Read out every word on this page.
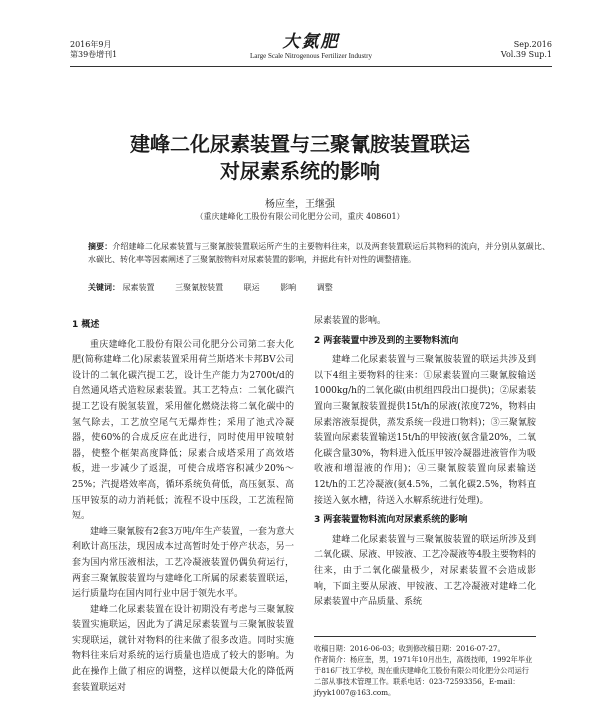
2016年9月
第39卷增刊1
大氮肥
Large Scale Nitrogenous Fertilizer Industry
Sep.2016
Vol.39 Sup.1
建峰二化尿素装置与三聚氰胺装置联运
对尿素系统的影响
杨应奎，王继强
（重庆建峰化工股份有限公司化肥分公司，重庆 408601）
摘要：介绍建峰二化尿素装置与三聚氰胺装置联运所产生的主要物料往来，以及两套装置联运后其物料的流向，并分别从氨碳比、水碳比、转化率等因素阐述了三聚氰胺物料对尿素装置的影响，并据此有针对性的调整措施。
关键词： 尿素装置	三聚氰胺装置	联运	影响	调整
1 概述

重庆建峰化工股份有限公司化肥分公司第二套大化肥(简称建峰二化)尿素装置采用荷兰斯塔米卡邦BV公司设计的二氧化碳汽提工艺，设计生产能力为2700t/d的自然通风塔式造粒尿素装置。其工艺特点：二氧化碳汽提工艺设有脱氢装置，采用催化燃烧法将二氧化碳中的氢气除去，工艺放空尾气无爆炸性；采用了池式冷凝器，使60%的合成反应在此进行，同时使用甲铵喷射器，使整个框架高度降低；尿素合成塔采用了高效塔板，进一步减少了返混，可使合成塔容积减少20%～25%；汽提塔效率高，循环系统负荷低，高压氨泵、高压甲铵泵的动力消耗低；流程不设中压段，工艺流程简短。

建峰三聚氰胺有2套3万吨/年生产装置，一套为意大利欧计高压法，现因成本过高暂时处于停产状态，另一套为国内常压液相法，工艺冷凝液装置仍偶负荷运行，两套三聚氰胺装置均与建峰化工所属的尿素装置联运，运行质量均在国内同行业中居于领先水平。

建峰二化尿素装置在设计初期没有考虑与三聚氰胺装置实施联运，因此为了满足尿素装置与三聚氰胺装置实现联运，就针对物料的往来做了很多改造。同时实施物料往来后对系统的运行质量也造成了较大的影响。为此在操作上做了相应的调整，这样以便最大化的降低两套装置联运对

尿素装置的影响。

2 两套装置中涉及到的主要物料流向

建峰二化尿素装置与三聚氰胺装置的联运共涉及到以下4组主要物料的往来：①尿素装置向三聚氰胺输送1000kg/h的二氧化碳(由机组四段出口提供)；②尿素装置向三聚氰胺装置提供15t/h的尿液(浓度72%，物料由尿素溶液泵提供，蒸发系统一段进口物料)；③三聚氰胺装置向尿素装置输送15t/h的甲铵液(氨含量20%，二氧化碳含量30%，物料进入低压甲铵冷凝器进液管作为吸收液和增湿液的作用)；④三聚氰胺装置向尿素输送12t/h的工艺冷凝液(氨4.5%，二氧化碳2.5%，物料直接送入氨水槽，待送入水解系统进行处理)。

3 两套装置物料流向对尿素系统的影响

建峰二化尿素装置与三聚氰胺装置的联运所涉及到二氧化碳、尿液、甲铵液、工艺冷凝液等4股主要物料的往来，由于二氧化碳量极少，对尿素装置不会造成影响，下面主要从尿液、甲铵液、工艺冷凝液对建峰二化尿素装置中产品质量、系统

收稿日期：2016-06-03；收到修改稿日期：2016-07-27。
作者简介：杨应奎，男，1971年10月出生，高级技师，1992年毕业于816厂技工学校，现在重庆建峰化工股份有限公司化肥分公司运行二部从事技术管理工作。联系电话：023-72593356，E-mail：jfyyk1007@163.com。
